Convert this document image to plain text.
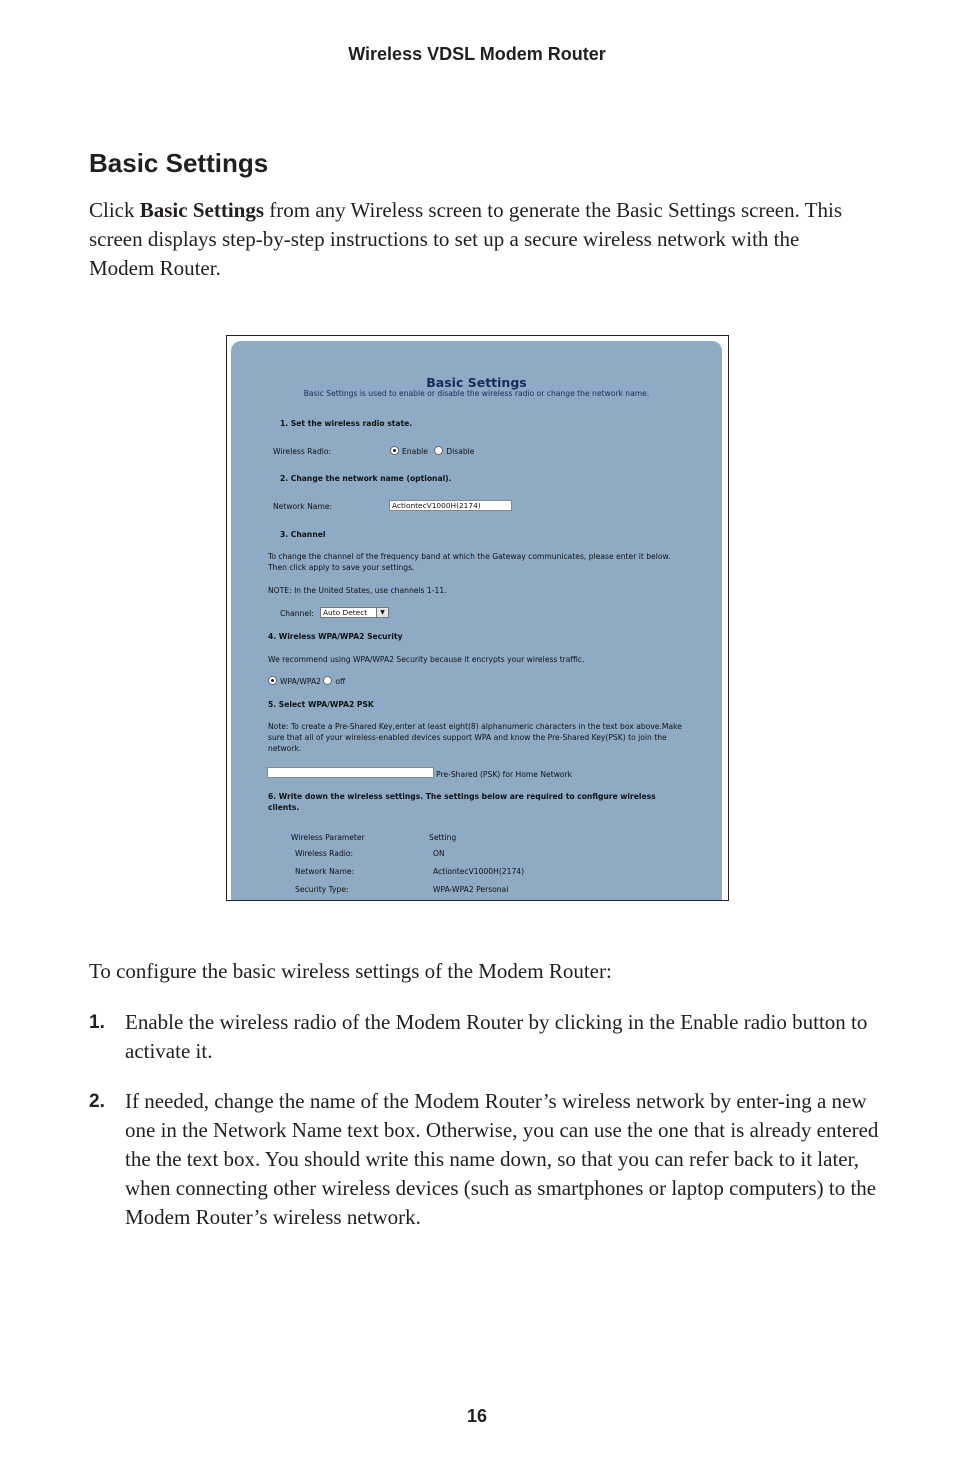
Wireless VDSL Modem Router
Basic Settings
Click Basic Settings from any Wireless screen to generate the Basic Settings screen. This screen displays step-by-step instructions to set up a secure wireless network with the Modem Router.
Basic Settings
Basic Settings is used to enable or disable the wireless radio or change the network name.
1. Set the wireless radio state.
Wireless Radio:	Enable Disable
2. Change the network name (optional).
Network Name:	ActiontecV1000H(2174)
3. Channel
To change the channel of the frequency band at which the Gateway communicates, please enter it below. Then click apply to save your settings.
NOTE: In the United States, use channels 1-11.
Channel:	Auto Detect	▼
4. Wireless WPA/WPA2 Security
We recommend using WPA/WPA2 Security because it encrypts your wireless traffic.
WPA/WPA2 off
5. Select WPA/WPA2 PSK
Note: To create a Pre-Shared Key,enter at least eight(8) alphanumeric characters in the text box above.Make sure that all of your wireless-enabled devices support WPA and know the Pre-Shared Key(PSK) to join the network.
Pre-Shared (PSK) for Home Network
6. Write down the wireless settings. The settings below are required to configure wireless clients.
Wireless Parameter	Setting
Wireless Radio:	ON
Network Name:	ActiontecV1000H(2174)
Security Type:	WPA-WPA2 Personal
To configure the basic wireless settings of the Modem Router:
1. Enable the wireless radio of the Modem Router by clicking in the Enable radio button to activate it.
2. If needed, change the name of the Modem Router’s wireless network by enter-ing a new one in the Network Name text box. Otherwise, you can use the one that is already entered the the text box. You should write this name down, so that you can refer back to it later, when connecting other wireless devices (such as smartphones or laptop computers) to the Modem Router’s wireless network.
16
